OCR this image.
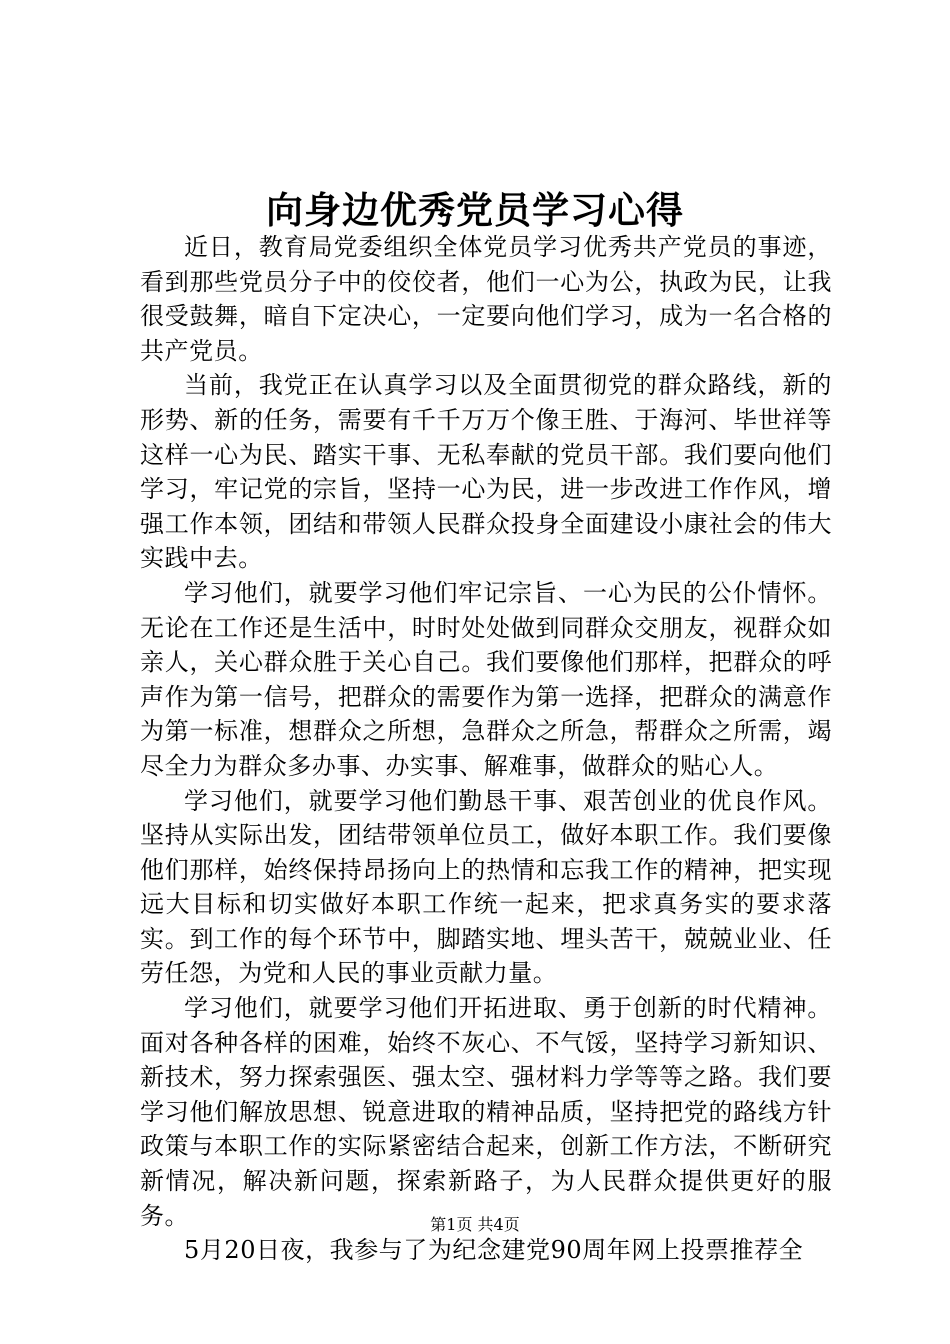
向身边优秀党员学习心得

近日，教育局党委组织全体党员学习优秀共产党员的事迹，看到那些党员分子中的佼佼者，他们一心为公，执政为民，让我很受鼓舞，暗自下定决心，一定要向他们学习，成为一名合格的共产党员。

当前，我党正在认真学习以及全面贯彻党的群众路线，新的形势、新的任务，需要有千千万万个像王胜、于海河、毕世祥等这样一心为民、踏实干事、无私奉献的党员干部。我们要向他们学习，牢记党的宗旨，坚持一心为民，进一步改进工作作风，增强工作本领，团结和带领人民群众投身全面建设小康社会的伟大实践中去。

学习他们，就要学习他们牢记宗旨、一心为民的公仆情怀。无论在工作还是生活中，时时处处做到同群众交朋友，视群众如亲人，关心群众胜于关心自己。我们要像他们那样，把群众的呼声作为第一信号，把群众的需要作为第一选择，把群众的满意作为第一标准，想群众之所想，急群众之所急，帮群众之所需，竭尽全力为群众多办事、办实事、解难事，做群众的贴心人。

学习他们，就要学习他们勤恳干事、艰苦创业的优良作风。坚持从实际出发，团结带领单位员工，做好本职工作。我们要像他们那样，始终保持昂扬向上的热情和忘我工作的精神，把实现远大目标和切实做好本职工作统一起来，把求真务实的要求落实。到工作的每个环节中，脚踏实地、埋头苦干，兢兢业业、任劳任怨，为党和人民的事业贡献力量。

学习他们，就要学习他们开拓进取、勇于创新的时代精神。面对各种各样的困难，始终不灰心、不气馁，坚持学习新知识、新技术，努力探索强医、强太空、强材料力学等等之路。我们要学习他们解放思想、锐意进取的精神品质，坚持把党的路线方针政策与本职工作的实际紧密结合起来，创新工作方法，不断研究新情况，解决新问题，探索新路子，为人民群众提供更好的服务。

5月20日夜，我参与了为纪念建党90周年网上投票推荐全

第1页 共4页
